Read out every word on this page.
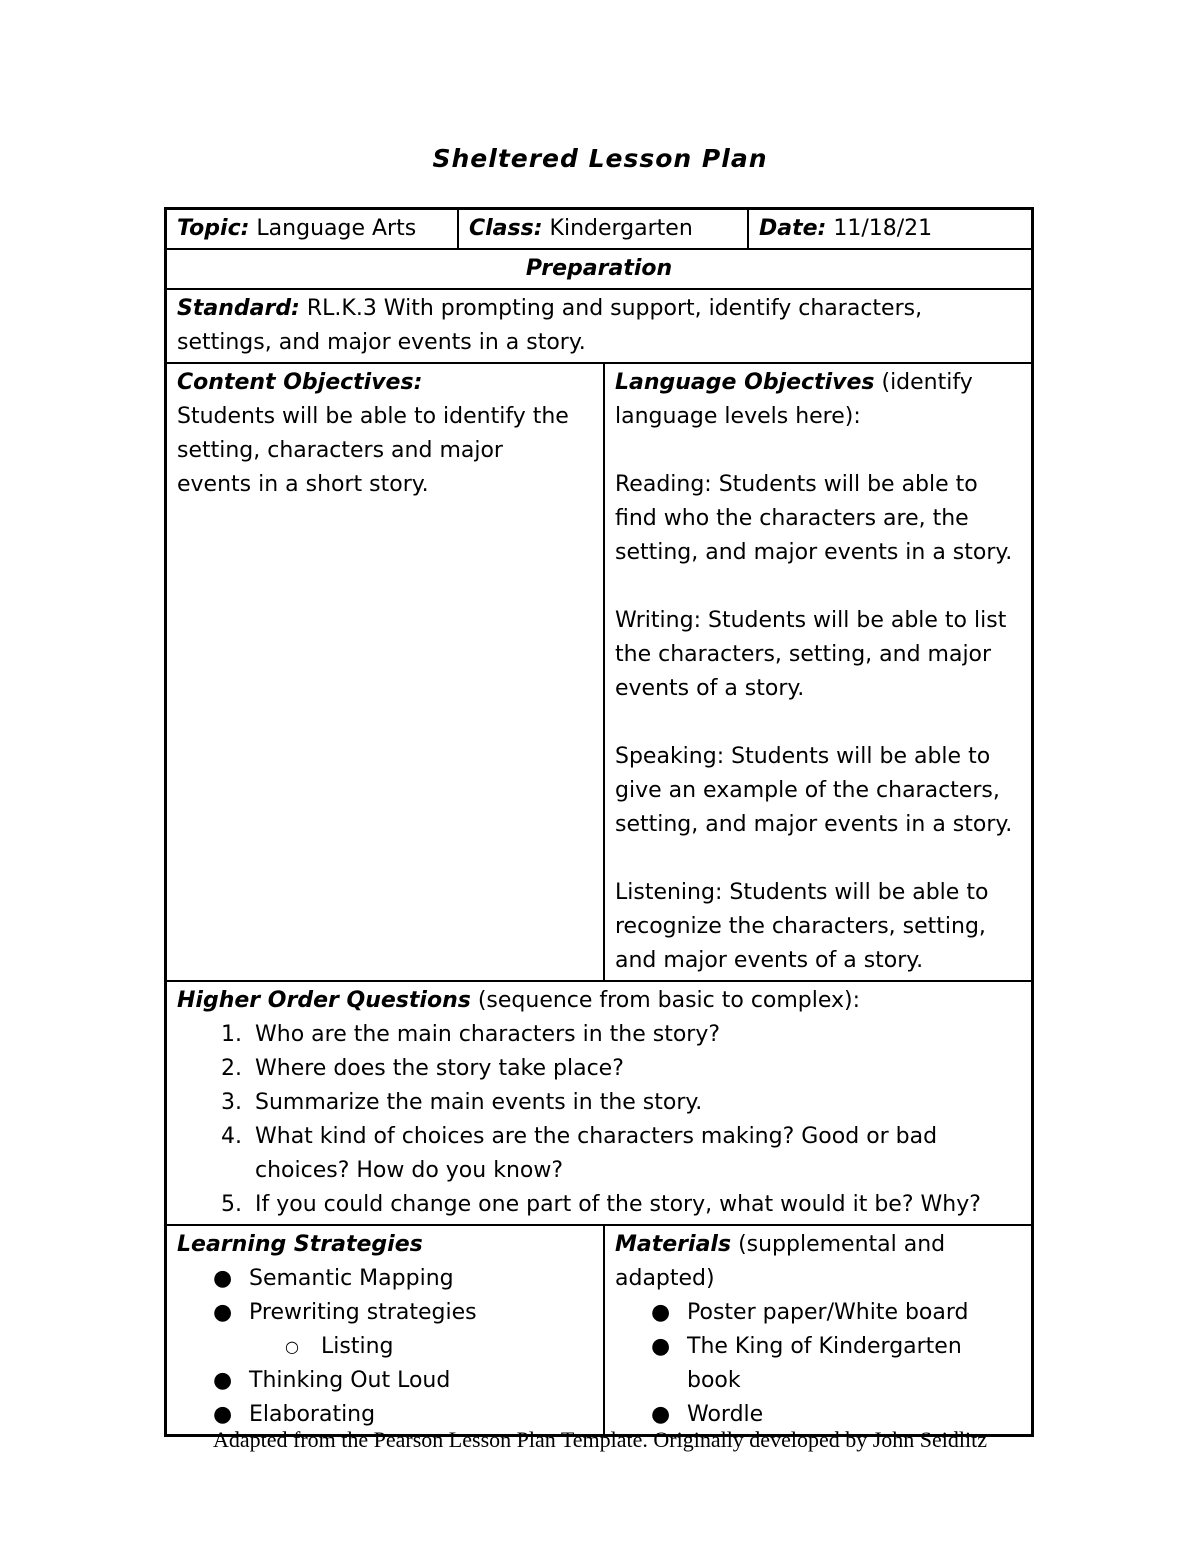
Sheltered Lesson Plan
Topic: Language Arts	Class: Kindergarten	Date: 11/18/21
Preparation
Standard: RL.K.3 With prompting and support, identify characters, settings, and major events in a story.

Content Objectives:

Students will be able to identify the setting, characters and major events in a short story.

Language Objectives (identify language levels here):

Reading: Students will be able to find who the characters are, the setting, and major events in a story.

Writing: Students will be able to list the characters, setting, and major events of a story.

Speaking: Students will be able to give an example of the characters, setting, and major events in a story.

Listening: Students will be able to recognize the characters, setting, and major events of a story.

Higher Order Questions (sequence from basic to complex):

1. Who are the main characters in the story?
2. Where does the story take place?
3. Summarize the main events in the story.
4. What kind of choices are the characters making? Good or bad choices? How do you know?
5. If you could change one part of the story, what would it be? Why?

Learning Strategies

● Semantic Mapping
● Prewriting strategies
○ Listing
● Thinking Out Loud
● Elaborating

Materials (supplemental and adapted)

● Poster paper/White board
● The King of Kindergarten book
● Wordle
Adapted from the Pearson Lesson Plan Template. Originally developed by John Seidlitz
